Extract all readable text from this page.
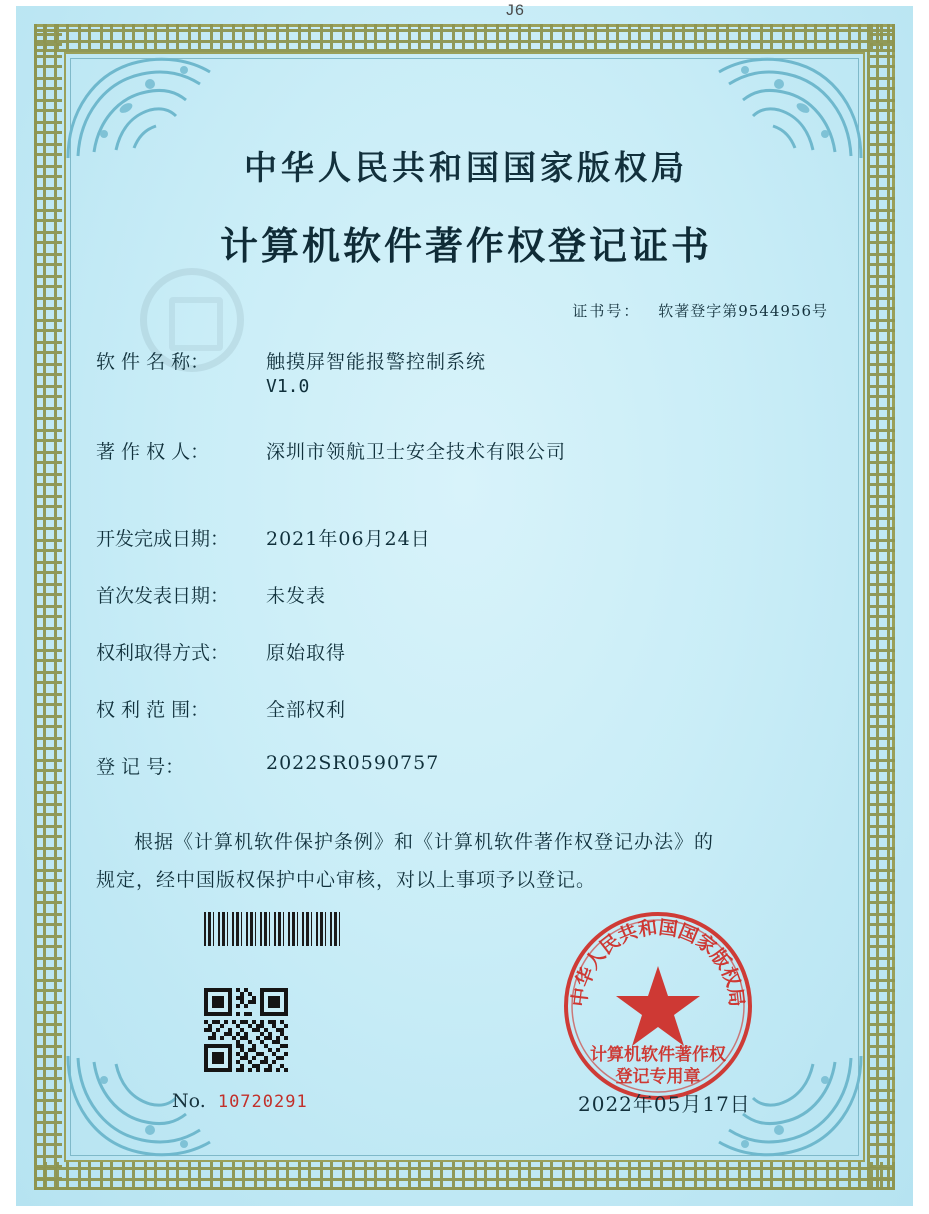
J6
中华人民共和国国家版权局
计算机软件著作权登记证书
证书号： 软著登字第9544956号
软 件 名 称：	触摸屏智能报警控制系统
V1.0
著 作 权 人：	深圳市领航卫士安全技术有限公司
开发完成日期：	2021年06月24日
首次发表日期：	未发表
权利取得方式：	原始取得
权 利 范 围：	全部权利
登 记 号：	2022SR0590757
根据《计算机软件保护条例》和《计算机软件著作权登记办法》的
规定，经中国版权保护中心审核，对以上事项予以登记。
中华人民共和国国家版权局
计算机软件著作权
登记专用章
No. 10720291	2022年05月17日
